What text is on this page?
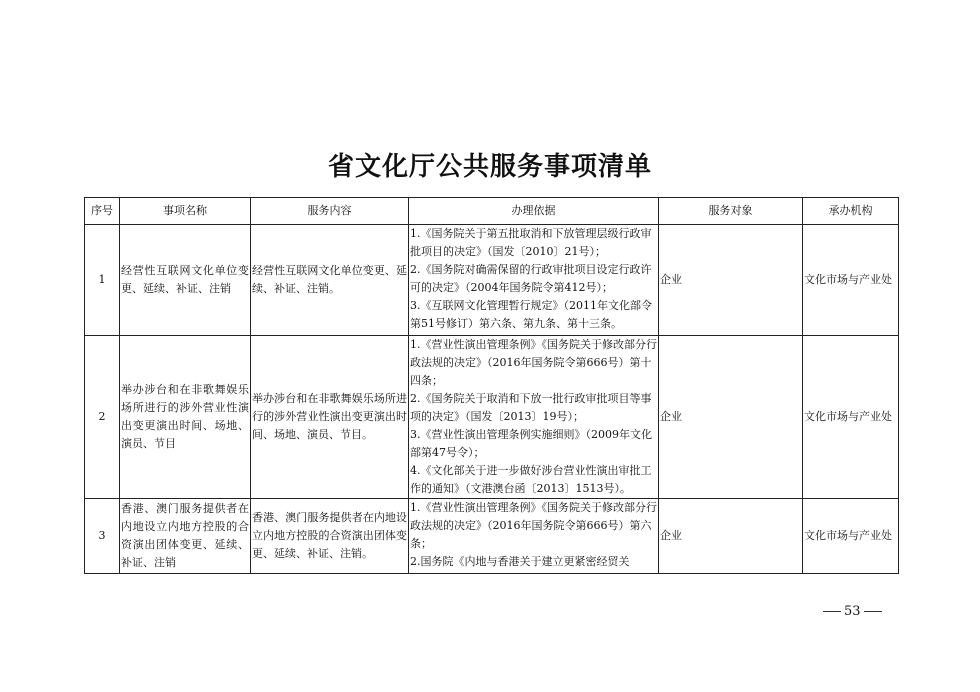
省文化厅公共服务事项清单
序号	事项名称	服务内容	办理依据	服务对象	承办机构
1	经营性互联网文化单位变更、延续、补证、注销	经营性互联网文化单位变更、延续、补证、注销。	1.《国务院关于第五批取消和下放管理层级行政审批项目的决定》（国发〔2010〕21号）；
2.《国务院对确需保留的行政审批项目设定行政许可的决定》（2004年国务院令第412号）；
3.《互联网文化管理暂行规定》（2011年文化部令第51号修订）第六条、第九条、第十三条。	企业	文化市场与产业处
2	举办涉台和在非歌舞娱乐场所进行的涉外营业性演出变更演出时间、场地、演员、节目	举办涉台和在非歌舞娱乐场所进行的涉外营业性演出变更演出时间、场地、演员、节目。	1.《营业性演出管理条例》《国务院关于修改部分行政法规的决定》（2016年国务院令第666号）第十四条；
2.《国务院关于取消和下放一批行政审批项目等事项的决定》（国发〔2013〕19号）；
3.《营业性演出管理条例实施细则》（2009年文化部第47号令）；
4.《文化部关于进一步做好涉台营业性演出审批工作的通知》（文港澳台函〔2013〕1513号）。	企业	文化市场与产业处
3	香港、澳门服务提供者在内地设立内地方控股的合资演出团体变更、延续、补证、注销	香港、澳门服务提供者在内地设立内地方控股的合资演出团体变更、延续、补证、注销。	1.《营业性演出管理条例》《国务院关于修改部分行政法规的决定》（2016年国务院令第666号）第六条；
2.国务院《内地与香港关于建立更紧密经贸关	企业	文化市场与产业处
53
